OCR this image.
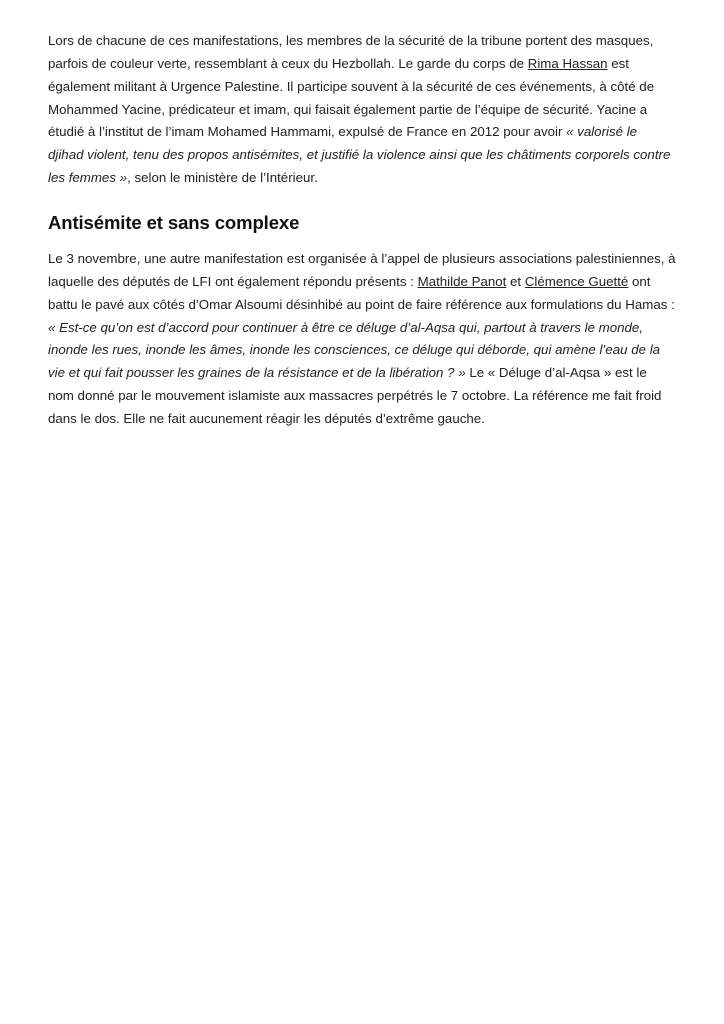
Lors de chacune de ces manifestations, les membres de la sécurité de la tribune portent des masques, parfois de couleur verte, ressemblant à ceux du Hezbollah. Le garde du corps de Rima Hassan est également militant à Urgence Palestine. Il participe souvent à la sécurité de ces événements, à côté de Mohammed Yacine, prédicateur et imam, qui faisait également partie de l’équipe de sécurité. Yacine a étudié à l’institut de l’imam Mohamed Hammami, expulsé de France en 2012 pour avoir « valorisé le djihad violent, tenu des propos antisémites, et justifié la violence ainsi que les châtiments corporels contre les femmes », selon le ministère de l’Intérieur.

Antisémite et sans complexe

Le 3 novembre, une autre manifestation est organisée à l’appel de plusieurs associations palestiniennes, à laquelle des députés de LFI ont également répondu présents : Mathilde Panot et Clémence Guetté ont battu le pavé aux côtés d’Omar Alsoumi désinhibé au point de faire référence aux formulations du Hamas : « Est-ce qu’on est d’accord pour continuer à être ce déluge d’al-Aqsa qui, partout à travers le monde, inonde les rues, inonde les âmes, inonde les consciences, ce déluge qui déborde, qui amène l’eau de la vie et qui fait pousser les graines de la résistance et de la libération ? » Le « Déluge d’al-Aqsa » est le nom donné par le mouvement islamiste aux massacres perpétrés le 7 octobre. La référence me fait froid dans le dos. Elle ne fait aucunement réagir les députés d’extrême gauche.
